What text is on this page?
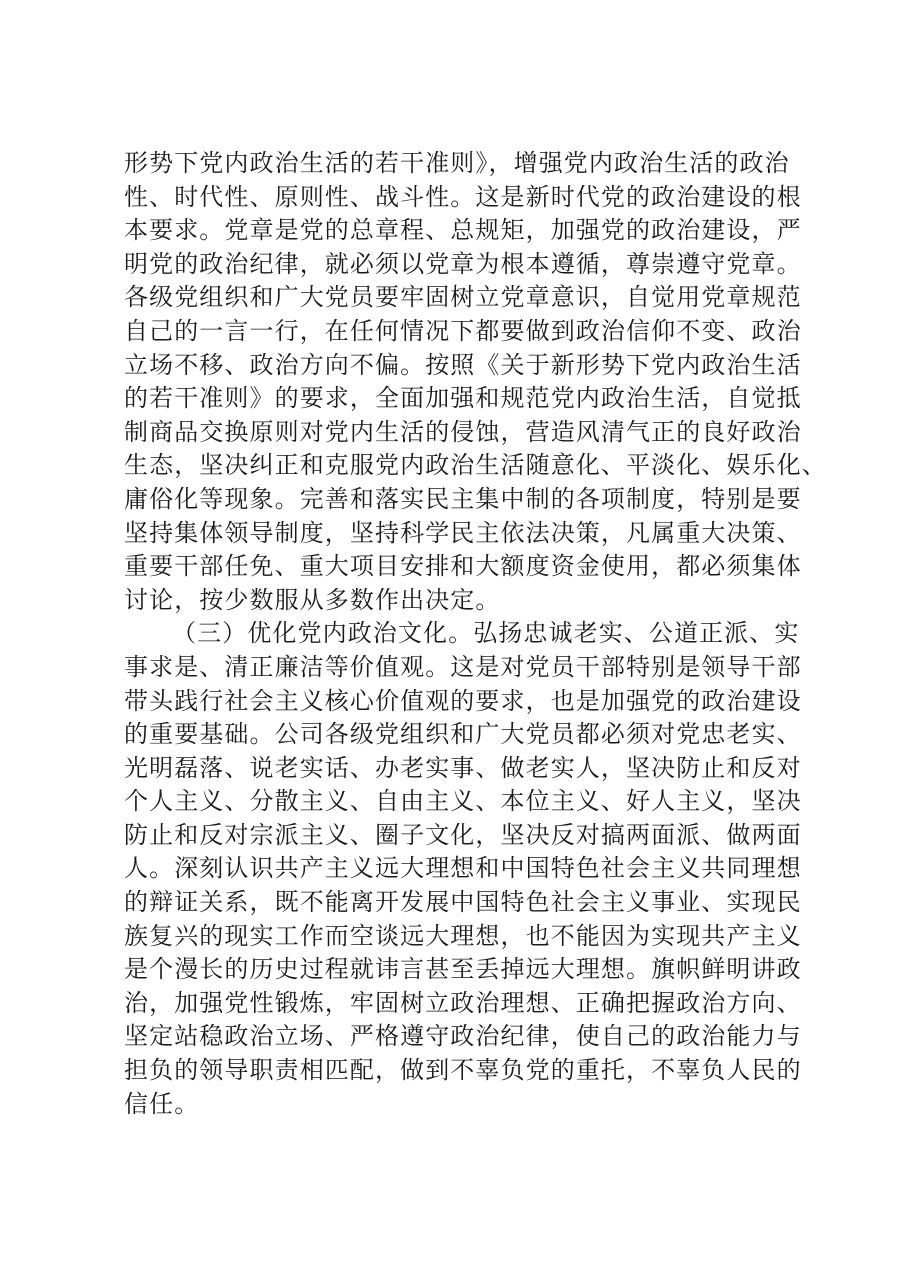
形势下党内政治生活的若干准则》，增强党内政治生活的政治
性、时代性、原则性、战斗性。这是新时代党的政治建设的根
本要求。党章是党的总章程、总规矩，加强党的政治建设，严
明党的政治纪律，就必须以党章为根本遵循，尊崇遵守党章。
各级党组织和广大党员要牢固树立党章意识，自觉用党章规范
自己的一言一行，在任何情况下都要做到政治信仰不变、政治
立场不移、政治方向不偏。按照《关于新形势下党内政治生活
的若干准则》的要求，全面加强和规范党内政治生活，自觉抵
制商品交换原则对党内生活的侵蚀，营造风清气正的良好政治
生态，坚决纠正和克服党内政治生活随意化、平淡化、娱乐化、
庸俗化等现象。完善和落实民主集中制的各项制度，特别是要
坚持集体领导制度，坚持科学民主依法决策，凡属重大决策、
重要干部任免、重大项目安排和大额度资金使用，都必须集体
讨论，按少数服从多数作出决定。
（三）优化党内政治文化。弘扬忠诚老实、公道正派、实
事求是、清正廉洁等价值观。这是对党员干部特别是领导干部
带头践行社会主义核心价值观的要求，也是加强党的政治建设
的重要基础。公司各级党组织和广大党员都必须对党忠老实、
光明磊落、说老实话、办老实事、做老实人，坚决防止和反对
个人主义、分散主义、自由主义、本位主义、好人主义，坚决
防止和反对宗派主义、圈子文化，坚决反对搞两面派、做两面
人。深刻认识共产主义远大理想和中国特色社会主义共同理想
的辩证关系，既不能离开发展中国特色社会主义事业、实现民
族复兴的现实工作而空谈远大理想，也不能因为实现共产主义
是个漫长的历史过程就讳言甚至丢掉远大理想。旗帜鲜明讲政
治，加强党性锻炼，牢固树立政治理想、正确把握政治方向、
坚定站稳政治立场、严格遵守政治纪律，使自己的政治能力与
担负的领导职责相匹配，做到不辜负党的重托，不辜负人民的
信任。
